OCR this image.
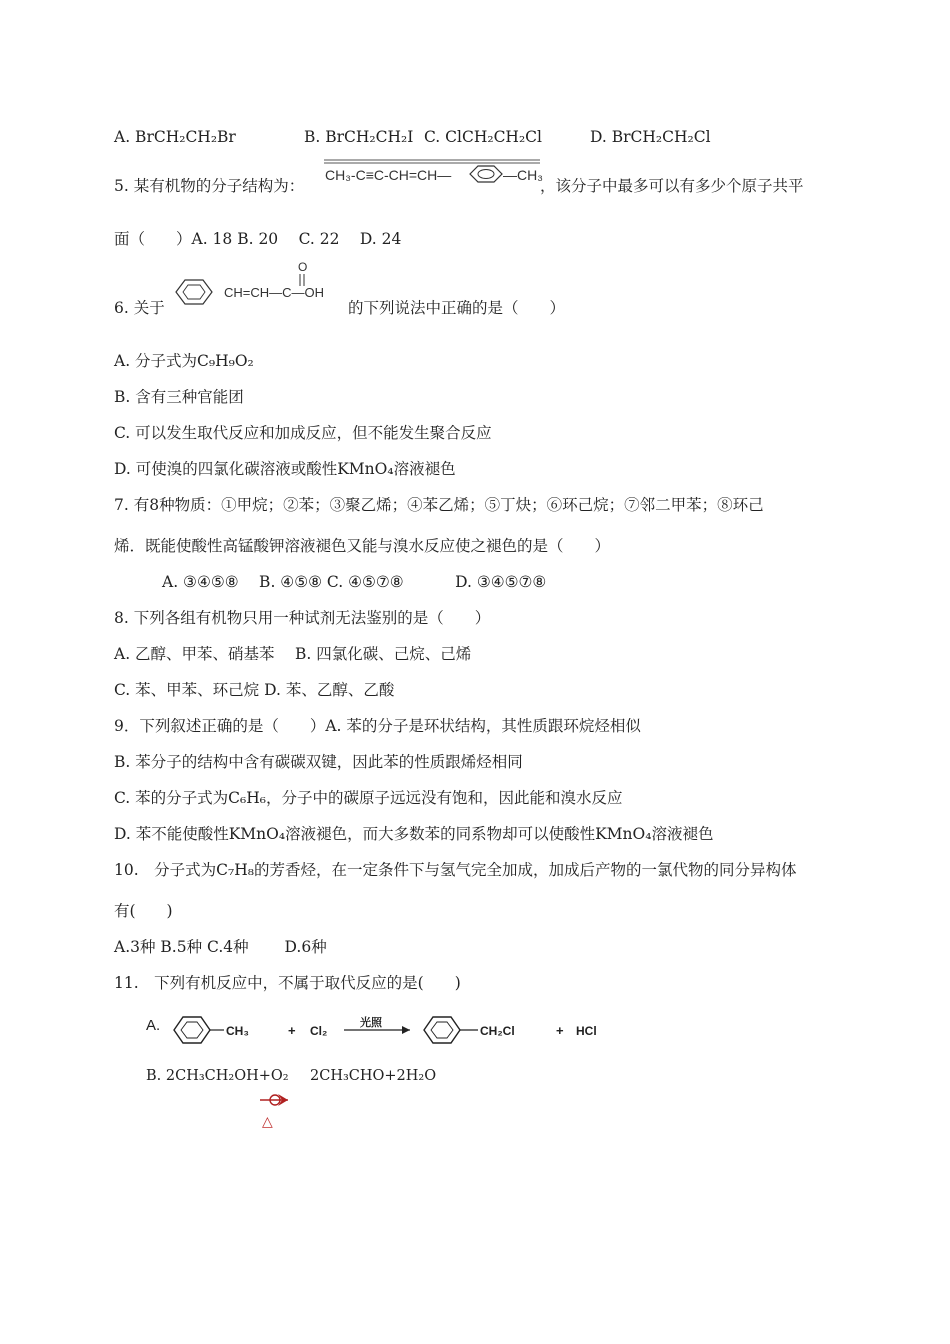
A. BrCH₂CH₂Br	B. BrCH₂CH₂I C. ClCH₂CH₂Cl	D. BrCH₂CH₂Cl
5. 某有机物的分子结构为：
CH₃-C≡C-CH=CH—	—CH₃
，该分子中最多可以有多少个原子共平
面（　　）A. 18 B. 20　 C. 22　 D. 24
6. 关于
CH=CH—C—OH
O
的下列说法中正确的是（　　）
A. 分子式为C₉H₉O₂
B. 含有三种官能团
C. 可以发生取代反应和加成反应，但不能发生聚合反应
D. 可使溴的四氯化碳溶液或酸性KMnO₄溶液褪色
7. 有8种物质：①甲烷；②苯；③聚乙烯；④苯乙烯；⑤丁炔；⑥环己烷；⑦邻二甲苯；⑧环己
烯．既能使酸性高锰酸钾溶液褪色又能与溴水反应使之褪色的是（　　）
A. ③④⑤⑧　 B. ④⑤⑧ C. ④⑤⑦⑧　　　 D. ③④⑤⑦⑧
8. 下列各组有机物只用一种试剂无法鉴别的是（　　）
A. 乙醇、甲苯、硝基苯　 B. 四氯化碳、己烷、己烯
C. 苯、甲苯、环己烷 D. 苯、乙醇、乙酸
9．下列叙述正确的是（　　）A. 苯的分子是环状结构，其性质跟环烷烃相似
B. 苯分子的结构中含有碳碳双键，因此苯的性质跟烯烃相同
C. 苯的分子式为C₆H₆，分子中的碳原子远远没有饱和，因此能和溴水反应
D. 苯不能使酸性KMnO₄溶液褪色，而大多数苯的同系物却可以使酸性KMnO₄溶液褪色
10.　分子式为C₇H₈的芳香烃，在一定条件下与氢气完全加成，加成后产物的一氯代物的同分异构体
有(　　)
A.3种 B.5种 C.4种　　 D.6种
11.　下列有机反应中，不属于取代反应的是(　　)
A.	CH₃	+ Cl₂
光照
CH₂Cl	+ HCl
B. 2CH₃CH₂OH+O₂ 2CH₃CHO+2H₂O
△
